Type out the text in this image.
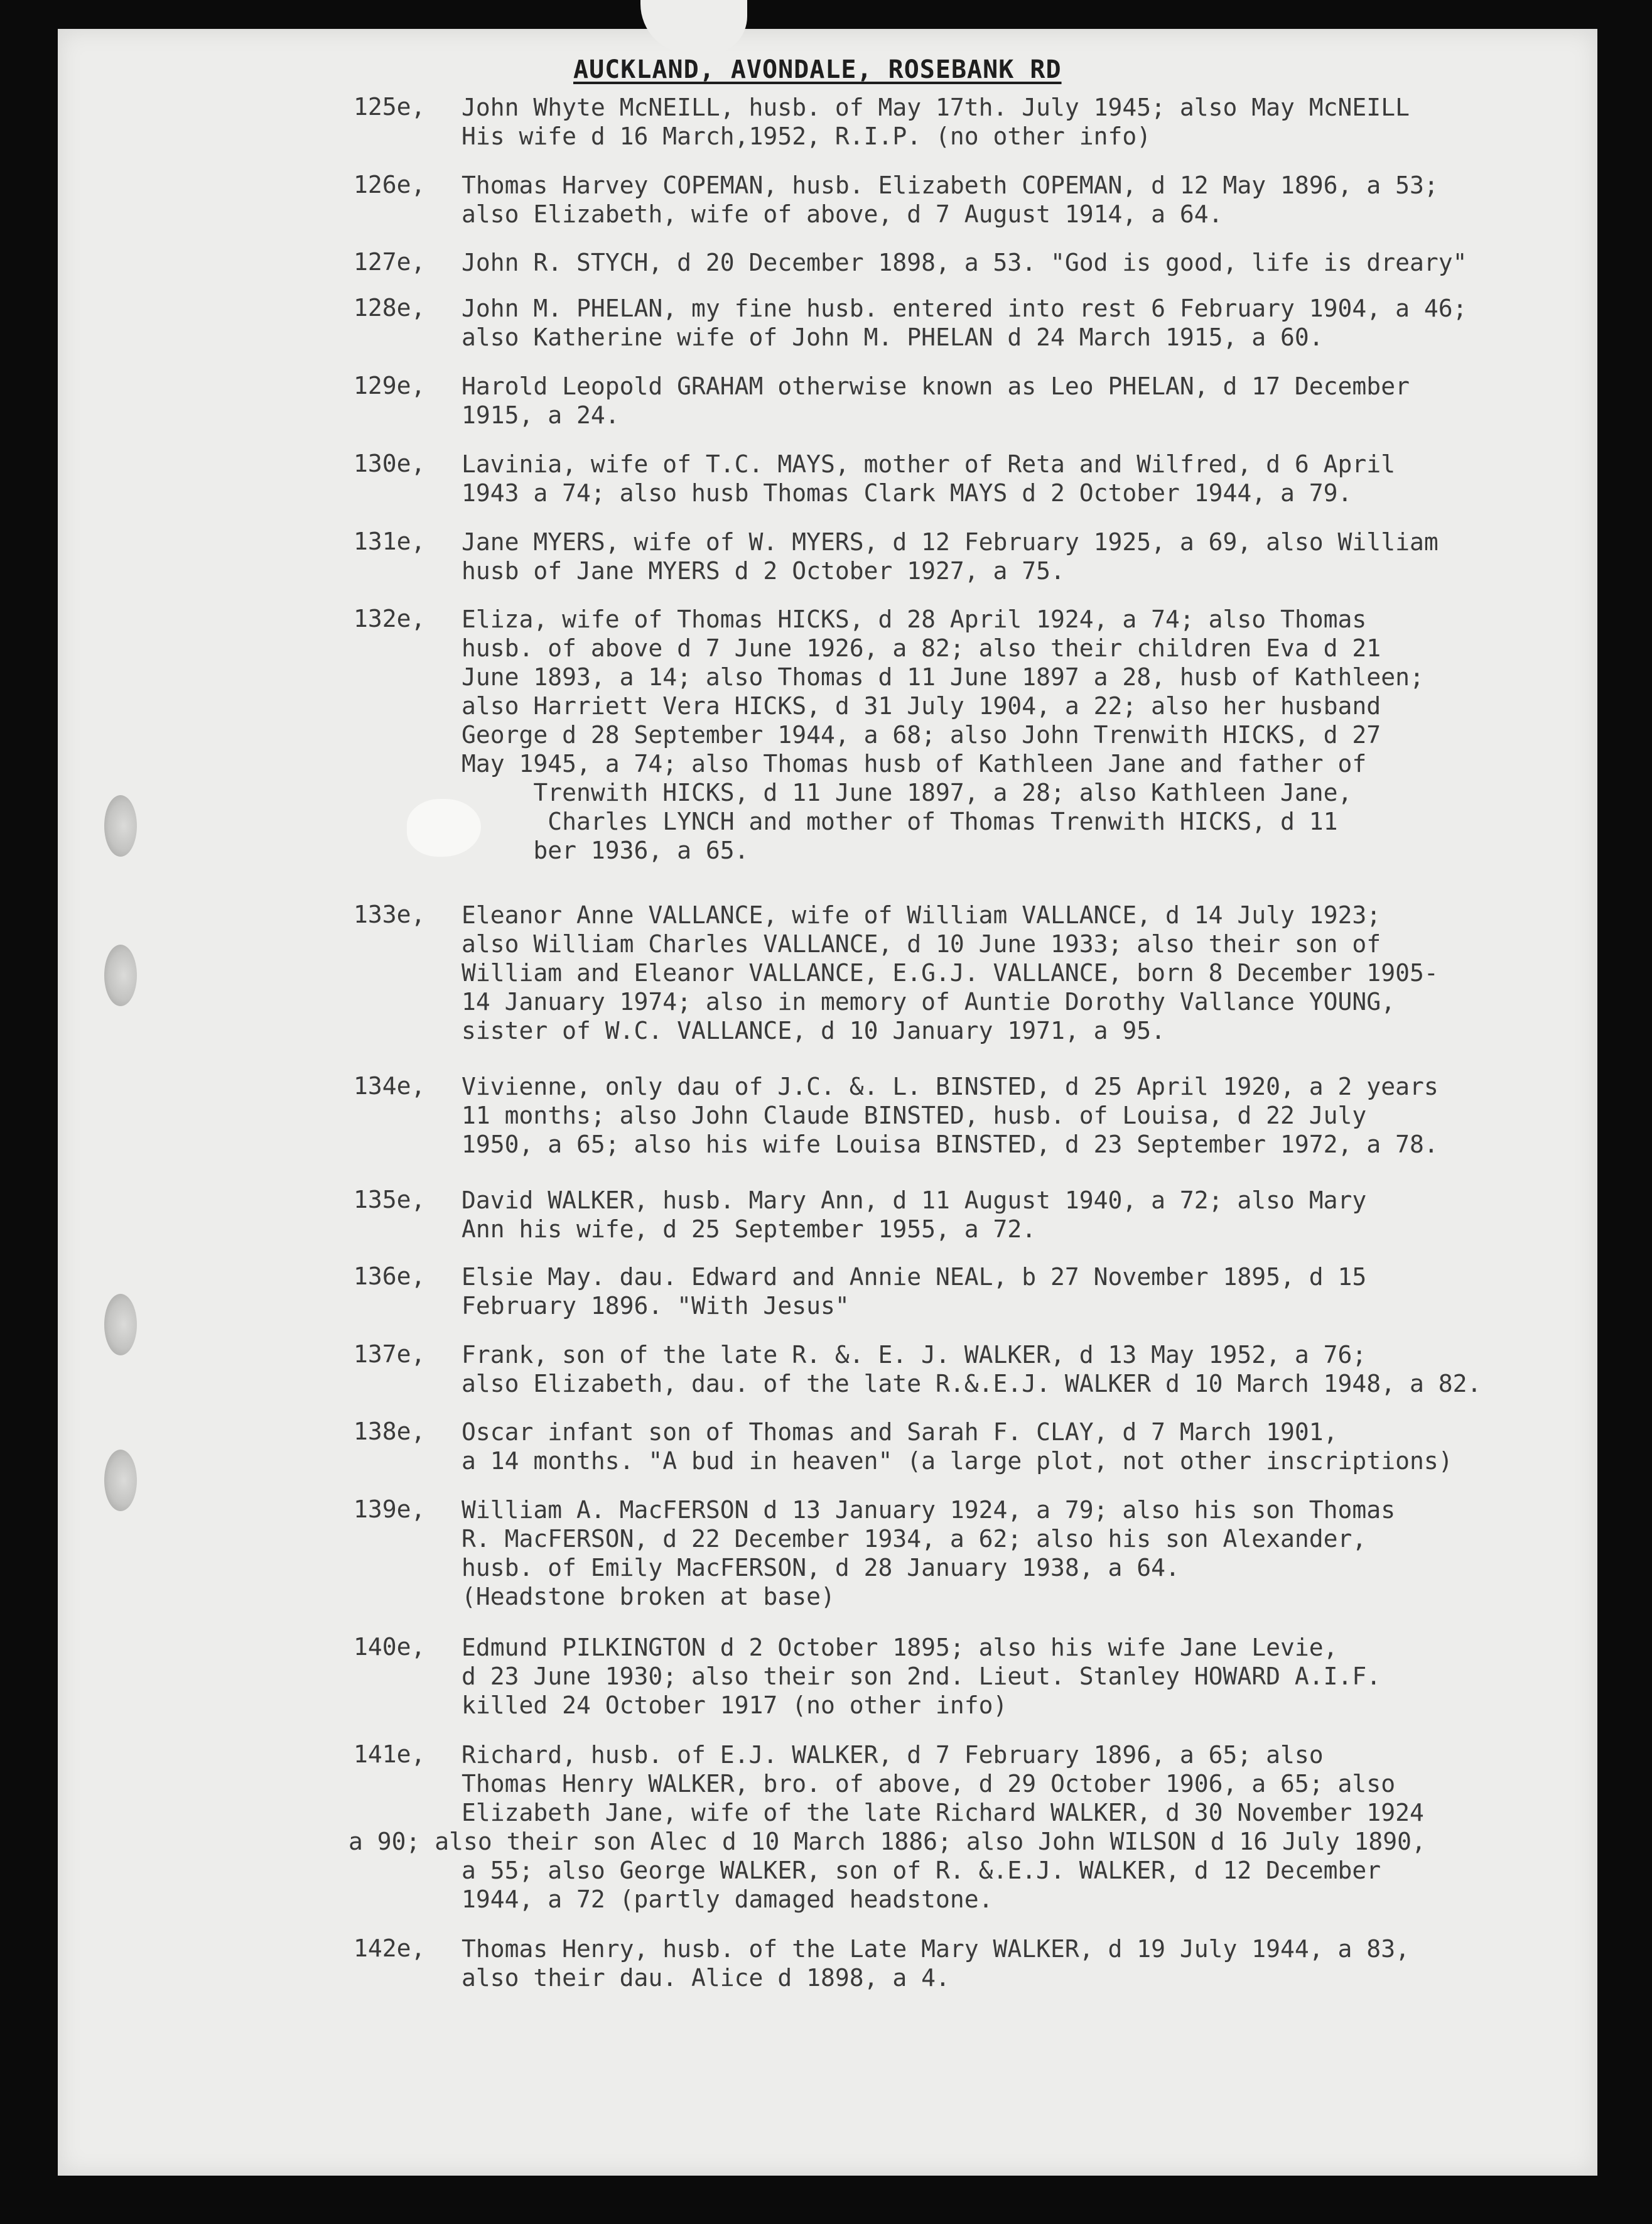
AUCKLAND, AVONDALE, ROSEBANK RD
125e, John Whyte McNEILL, husb. of May 17th. July 1945; also May McNEILL
His wife d 16 March,1952, R.I.P. (no other info)
126e, Thomas Harvey COPEMAN, husb. Elizabeth COPEMAN, d 12 May 1896, a 53;
also Elizabeth, wife of above, d 7 August 1914, a 64.
127e, John R. STYCH, d 20 December 1898, a 53. "God is good, life is dreary"
128e, John M. PHELAN, my fine husb. entered into rest 6 February 1904, a 46;
also Katherine wife of John M. PHELAN d 24 March 1915, a 60.
129e, Harold Leopold GRAHAM otherwise known as Leo PHELAN, d 17 December
1915, a 24.
130e, Lavinia, wife of T.C. MAYS, mother of Reta and Wilfred, d 6 April
1943 a 74; also husb Thomas Clark MAYS d 2 October 1944, a 79.
131e, Jane MYERS, wife of W. MYERS, d 12 February 1925, a 69, also William
husb of Jane MYERS d 2 October 1927, a 75.
132e, Eliza, wife of Thomas HICKS, d 28 April 1924, a 74; also Thomas
husb. of above d 7 June 1926, a 82; also their children Eva d 21
June 1893, a 14; also Thomas d 11 June 1897 a 28, husb of Kathleen;
also Harriett Vera HICKS, d 31 July 1904, a 22; also her husband
George d 28 September 1944, a 68; also John Trenwith HICKS, d 27
May 1945, a 74; also Thomas husb of Kathleen Jane and father of
Trenwith HICKS, d 11 June 1897, a 28; also Kathleen Jane,
Charles LYNCH and mother of Thomas Trenwith HICKS, d 11
ber 1936, a 65.
133e, Eleanor Anne VALLANCE, wife of William VALLANCE, d 14 July 1923;
also William Charles VALLANCE, d 10 June 1933; also their son of
William and Eleanor VALLANCE, E.G.J. VALLANCE, born 8 December 1905-
14 January 1974; also in memory of Auntie Dorothy Vallance YOUNG,
sister of W.C. VALLANCE, d 10 January 1971, a 95.
134e, Vivienne, only dau of J.C. &. L. BINSTED, d 25 April 1920, a 2 years
11 months; also John Claude BINSTED, husb. of Louisa, d 22 July
1950, a 65; also his wife Louisa BINSTED, d 23 September 1972, a 78.
135e, David WALKER, husb. Mary Ann, d 11 August 1940, a 72; also Mary
Ann his wife, d 25 September 1955, a 72.
136e, Elsie May. dau. Edward and Annie NEAL, b 27 November 1895, d 15
February 1896. "With Jesus"
137e, Frank, son of the late R. &. E. J. WALKER, d 13 May 1952, a 76;
also Elizabeth, dau. of the late R.&.E.J. WALKER d 10 March 1948, a 82.
138e, Oscar infant son of Thomas and Sarah F. CLAY, d 7 March 1901,
a 14 months. "A bud in heaven" (a large plot, not other inscriptions)
139e, William A. MacFERSON d 13 January 1924, a 79; also his son Thomas
R. MacFERSON, d 22 December 1934, a 62; also his son Alexander,
husb. of Emily MacFERSON, d 28 January 1938, a 64.
(Headstone broken at base)
140e, Edmund PILKINGTON d 2 October 1895; also his wife Jane Levie,
d 23 June 1930; also their son 2nd. Lieut. Stanley HOWARD A.I.F.
killed 24 October 1917 (no other info)
141e, Richard, husb. of E.J. WALKER, d 7 February 1896, a 65; also
Thomas Henry WALKER, bro. of above, d 29 October 1906, a 65; also
Elizabeth Jane, wife of the late Richard WALKER, d 30 November 1924
a 90; also their son Alec d 10 March 1886; also John WILSON d 16 July 1890,
a 55; also George WALKER, son of R. &.E.J. WALKER, d 12 December
1944, a 72 (partly damaged headstone.
142e, Thomas Henry, husb. of the Late Mary WALKER, d 19 July 1944, a 83,
also their dau. Alice d 1898, a 4.
